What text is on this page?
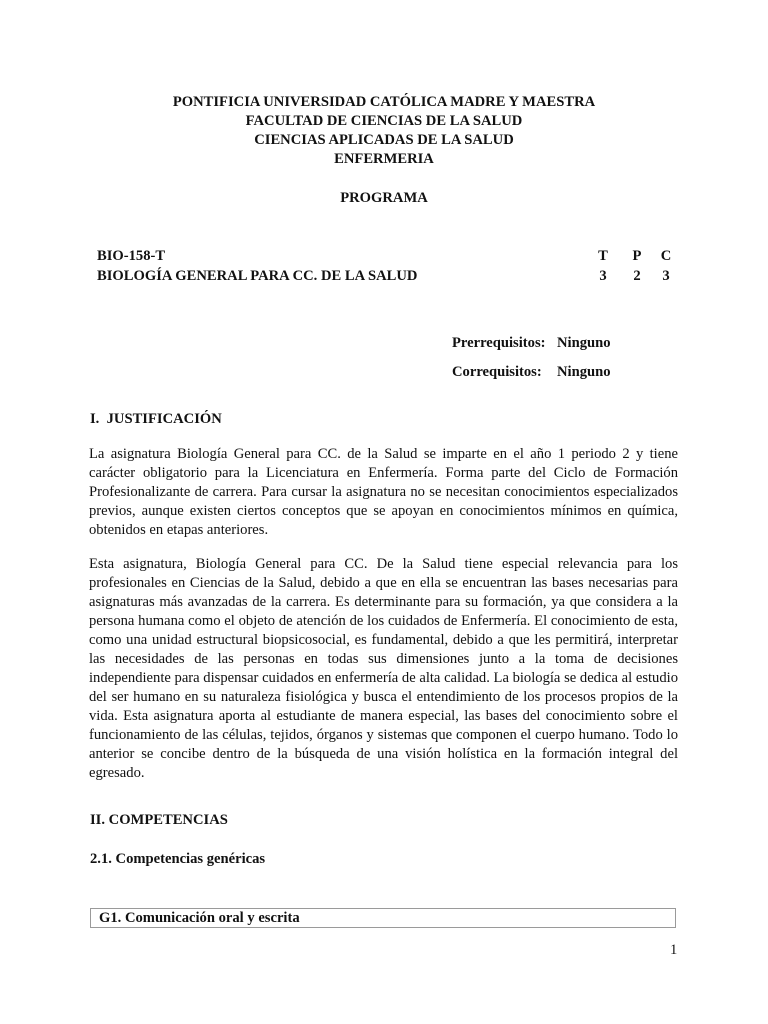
PONTIFICIA UNIVERSIDAD CATÓLICA MADRE Y MAESTRA
FACULTAD DE CIENCIAS DE LA SALUD
CIENCIAS APLICADAS DE LA SALUD
ENFERMERIA
PROGRAMA
BIO-158-T
BIOLOGÍA GENERAL PARA CC. DE LA SALUD
T P C
3 2 3
Prerrequisitos: Ninguno
Correquisitos: Ninguno
I.  JUSTIFICACIÓN
La asignatura Biología General para CC. de la Salud se imparte en el año 1 periodo 2 y tiene carácter obligatorio para la Licenciatura en Enfermería. Forma parte del Ciclo de Formación Profesionalizante de carrera. Para cursar la asignatura no se necesitan conocimientos especializados previos, aunque existen ciertos conceptos que se apoyan en conocimientos mínimos en química, obtenidos en etapas anteriores.
Esta asignatura, Biología General para CC. De la Salud tiene especial relevancia para los profesionales en Ciencias de la Salud, debido a que en ella se encuentran las bases necesarias para asignaturas más avanzadas de la carrera. Es determinante para su formación, ya que considera a la persona humana como el objeto de atención de los cuidados de Enfermería. El conocimiento de esta, como una unidad estructural biopsicosocial, es fundamental, debido a que les permitirá, interpretar las necesidades de las personas en todas sus dimensiones junto a la toma de decisiones independiente para dispensar cuidados en enfermería de alta calidad. La biología se dedica al estudio del ser humano en su naturaleza fisiológica y busca el entendimiento de los procesos propios de la vida. Esta asignatura aporta al estudiante de manera especial, las bases del conocimiento sobre el funcionamiento de las células, tejidos, órganos y sistemas que componen el cuerpo humano. Todo lo anterior se concibe dentro de la búsqueda de una visión holística en la formación integral del egresado.
II. COMPETENCIAS
2.1. Competencias genéricas
G1. Comunicación oral y escrita
1
